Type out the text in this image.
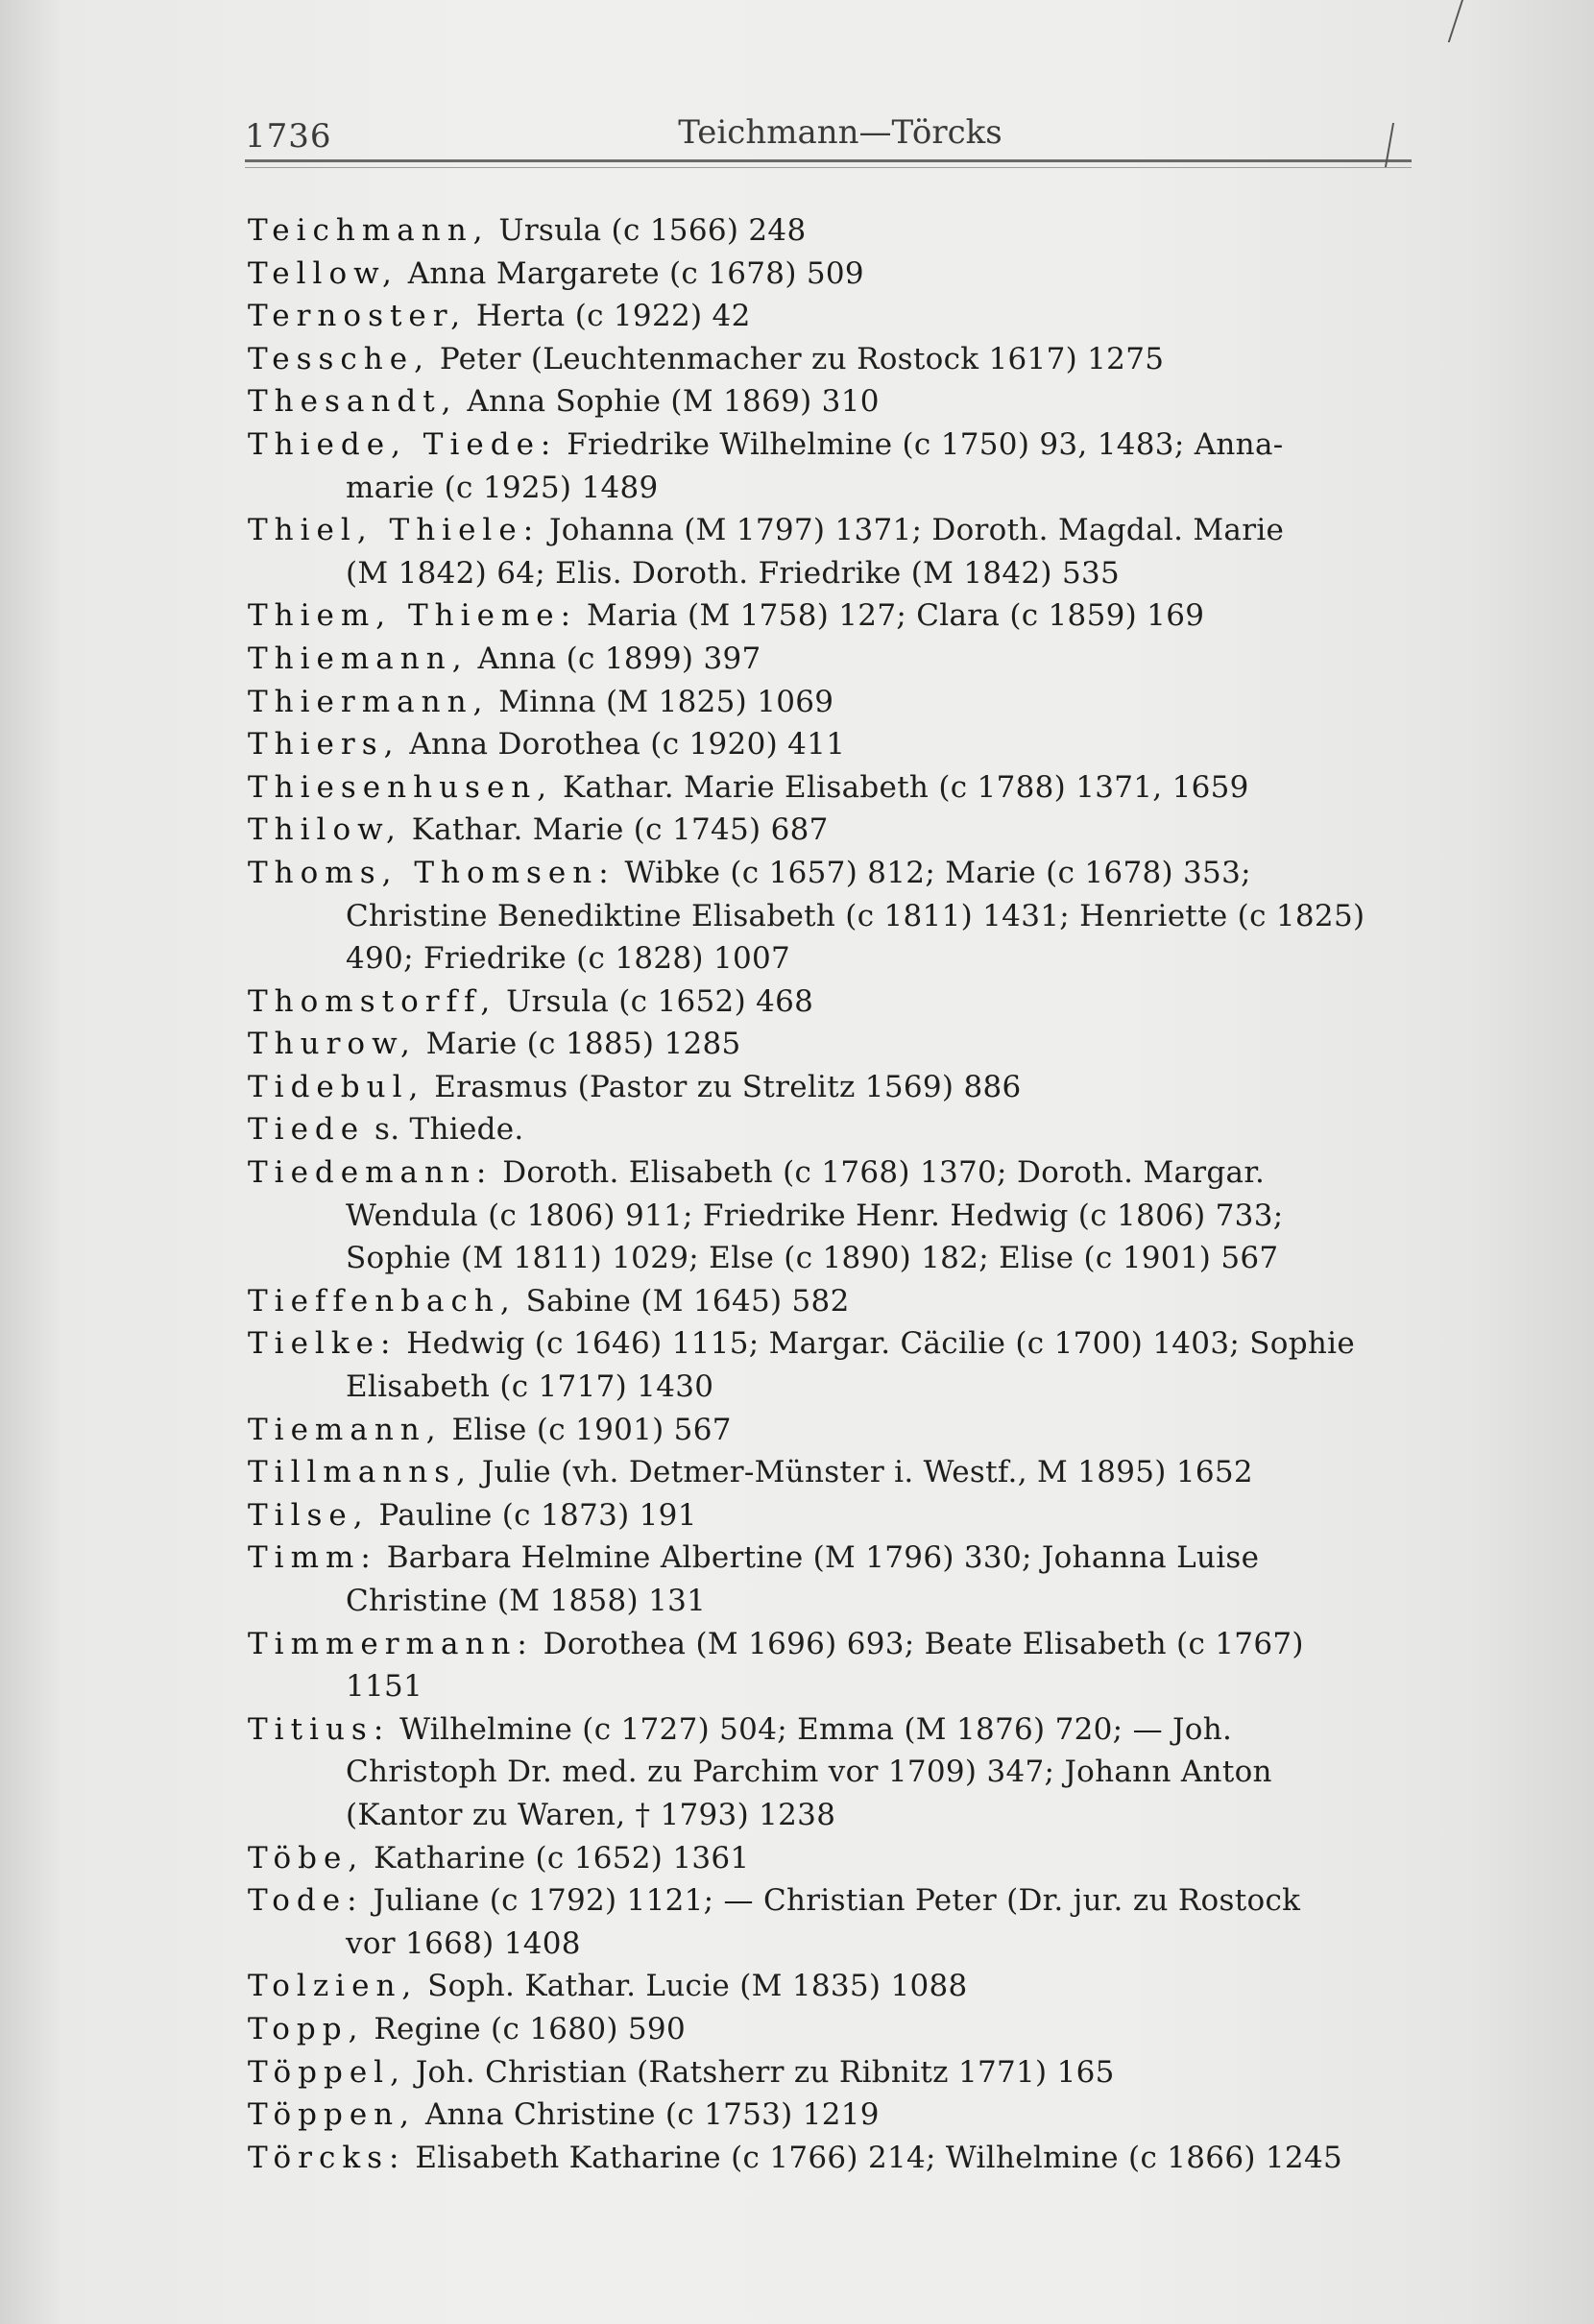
1736	Teichmann—Törcks
Teichmann, Ursula (c 1566) 248
Tellow, Anna Margarete (c 1678) 509
Ternoster, Herta (c 1922) 42
Tessche, Peter (Leuchtenmacher zu Rostock 1617) 1275
Thesandt, Anna Sophie (M 1869) 310
Thiede, Tiede: Friedrike Wilhelmine (c 1750) 93, 1483; Anna-
marie (c 1925) 1489
Thiel, Thiele: Johanna (M 1797) 1371; Doroth. Magdal. Marie
(M 1842) 64; Elis. Doroth. Friedrike (M 1842) 535
Thiem, Thieme: Maria (M 1758) 127; Clara (c 1859) 169
Thiemann, Anna (c 1899) 397
Thiermann, Minna (M 1825) 1069
Thiers, Anna Dorothea (c 1920) 411
Thiesenhusen, Kathar. Marie Elisabeth (c 1788) 1371, 1659
Thilow, Kathar. Marie (c 1745) 687
Thoms, Thomsen: Wibke (c 1657) 812; Marie (c 1678) 353;
Christine Benediktine Elisabeth (c 1811) 1431; Henriette (c 1825)
490; Friedrike (c 1828) 1007
Thomstorff, Ursula (c 1652) 468
Thurow, Marie (c 1885) 1285
Tidebul, Erasmus (Pastor zu Strelitz 1569) 886
Tiede s. Thiede.
Tiedemann: Doroth. Elisabeth (c 1768) 1370; Doroth. Margar.
Wendula (c 1806) 911; Friedrike Henr. Hedwig (c 1806) 733;
Sophie (M 1811) 1029; Else (c 1890) 182; Elise (c 1901) 567
Tieffenbach, Sabine (M 1645) 582
Tielke: Hedwig (c 1646) 1115; Margar. Cäcilie (c 1700) 1403; Sophie
Elisabeth (c 1717) 1430
Tiemann, Elise (c 1901) 567
Tillmanns, Julie (vh. Detmer-Münster i. Westf., M 1895) 1652
Tilse, Pauline (c 1873) 191
Timm: Barbara Helmine Albertine (M 1796) 330; Johanna Luise
Christine (M 1858) 131
Timmermann: Dorothea (M 1696) 693; Beate Elisabeth (c 1767)
1151
Titius: Wilhelmine (c 1727) 504; Emma (M 1876) 720; — Joh.
Christoph Dr. med. zu Parchim vor 1709) 347; Johann Anton
(Kantor zu Waren, † 1793) 1238
Töbe, Katharine (c 1652) 1361
Tode: Juliane (c 1792) 1121; — Christian Peter (Dr. jur. zu Rostock
vor 1668) 1408
Tolzien, Soph. Kathar. Lucie (M 1835) 1088
Topp, Regine (c 1680) 590
Töppel, Joh. Christian (Ratsherr zu Ribnitz 1771) 165
Töppen, Anna Christine (c 1753) 1219
Törcks: Elisabeth Katharine (c 1766) 214; Wilhelmine (c 1866) 1245
